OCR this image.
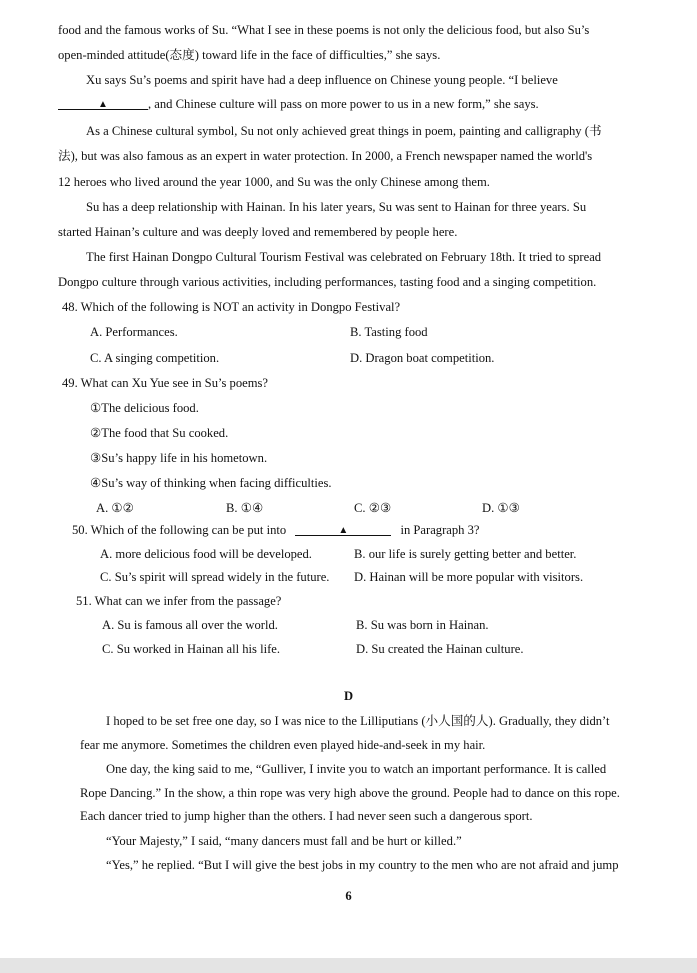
food and the famous works of Su. “What I see in these poems is not only the delicious food, but also Su’s
open-minded attitude(态度) toward life in the face of difficulties,” she says.
Xu says Su’s poems and spirit have had a deep influence on Chinese young people. “I believe
▲	, and Chinese culture will pass on more power to us in a new form,” she says.
As a Chinese cultural symbol, Su not only achieved great things in poem, painting and calligraphy (书
法), but was also famous as an expert in water protection. In 2000, a French newspaper named the world's
12 heroes who lived around the year 1000, and Su was the only Chinese among them.
Su has a deep relationship with Hainan. In his later years, Su was sent to Hainan for three years. Su
started Hainan’s culture and was deeply loved and remembered by people here.
The first Hainan Dongpo Cultural Tourism Festival was celebrated on February 18th. It tried to spread
Dongpo culture through various activities, including performances, tasting food and a singing competition.
48. Which of the following is NOT an activity in Dongpo Festival?
A. Performances.	B. Tasting food
C. A singing competition.	D. Dragon boat competition.
49. What can Xu Yue see in Su’s poems?
①The delicious food.
②The food that Su cooked.
③Su’s happy life in his hometown.
④Su’s way of thinking when facing difficulties.
A. ①②	B. ①④	C. ②③	D. ①③
50. Which of the following can be put into	▲	in Paragraph 3?
A. more delicious food will be developed.	B. our life is surely getting better and better.
C. Su’s spirit will spread widely in the future. D. Hainan will be more popular with visitors.
51. What can we infer from the passage?
A. Su is famous all over the world.	B. Su was born in Hainan.
C. Su worked in Hainan all his life.	D. Su created the Hainan culture.
D
I hoped to be set free one day, so I was nice to the Lilliputians (小人国的人). Gradually, they didn’t
fear me anymore. Sometimes the children even played hide-and-seek in my hair.
One day, the king said to me, “Gulliver, I invite you to watch an important performance. It is called
Rope Dancing.” In the show, a thin rope was very high above the ground. People had to dance on this rope.
Each dancer tried to jump higher than the others. I had never seen such a dangerous sport.
“Your Majesty,” I said, “many dancers must fall and be hurt or killed.”
“Yes,” he replied. “But I will give the best jobs in my country to the men who are not afraid and jump
6
